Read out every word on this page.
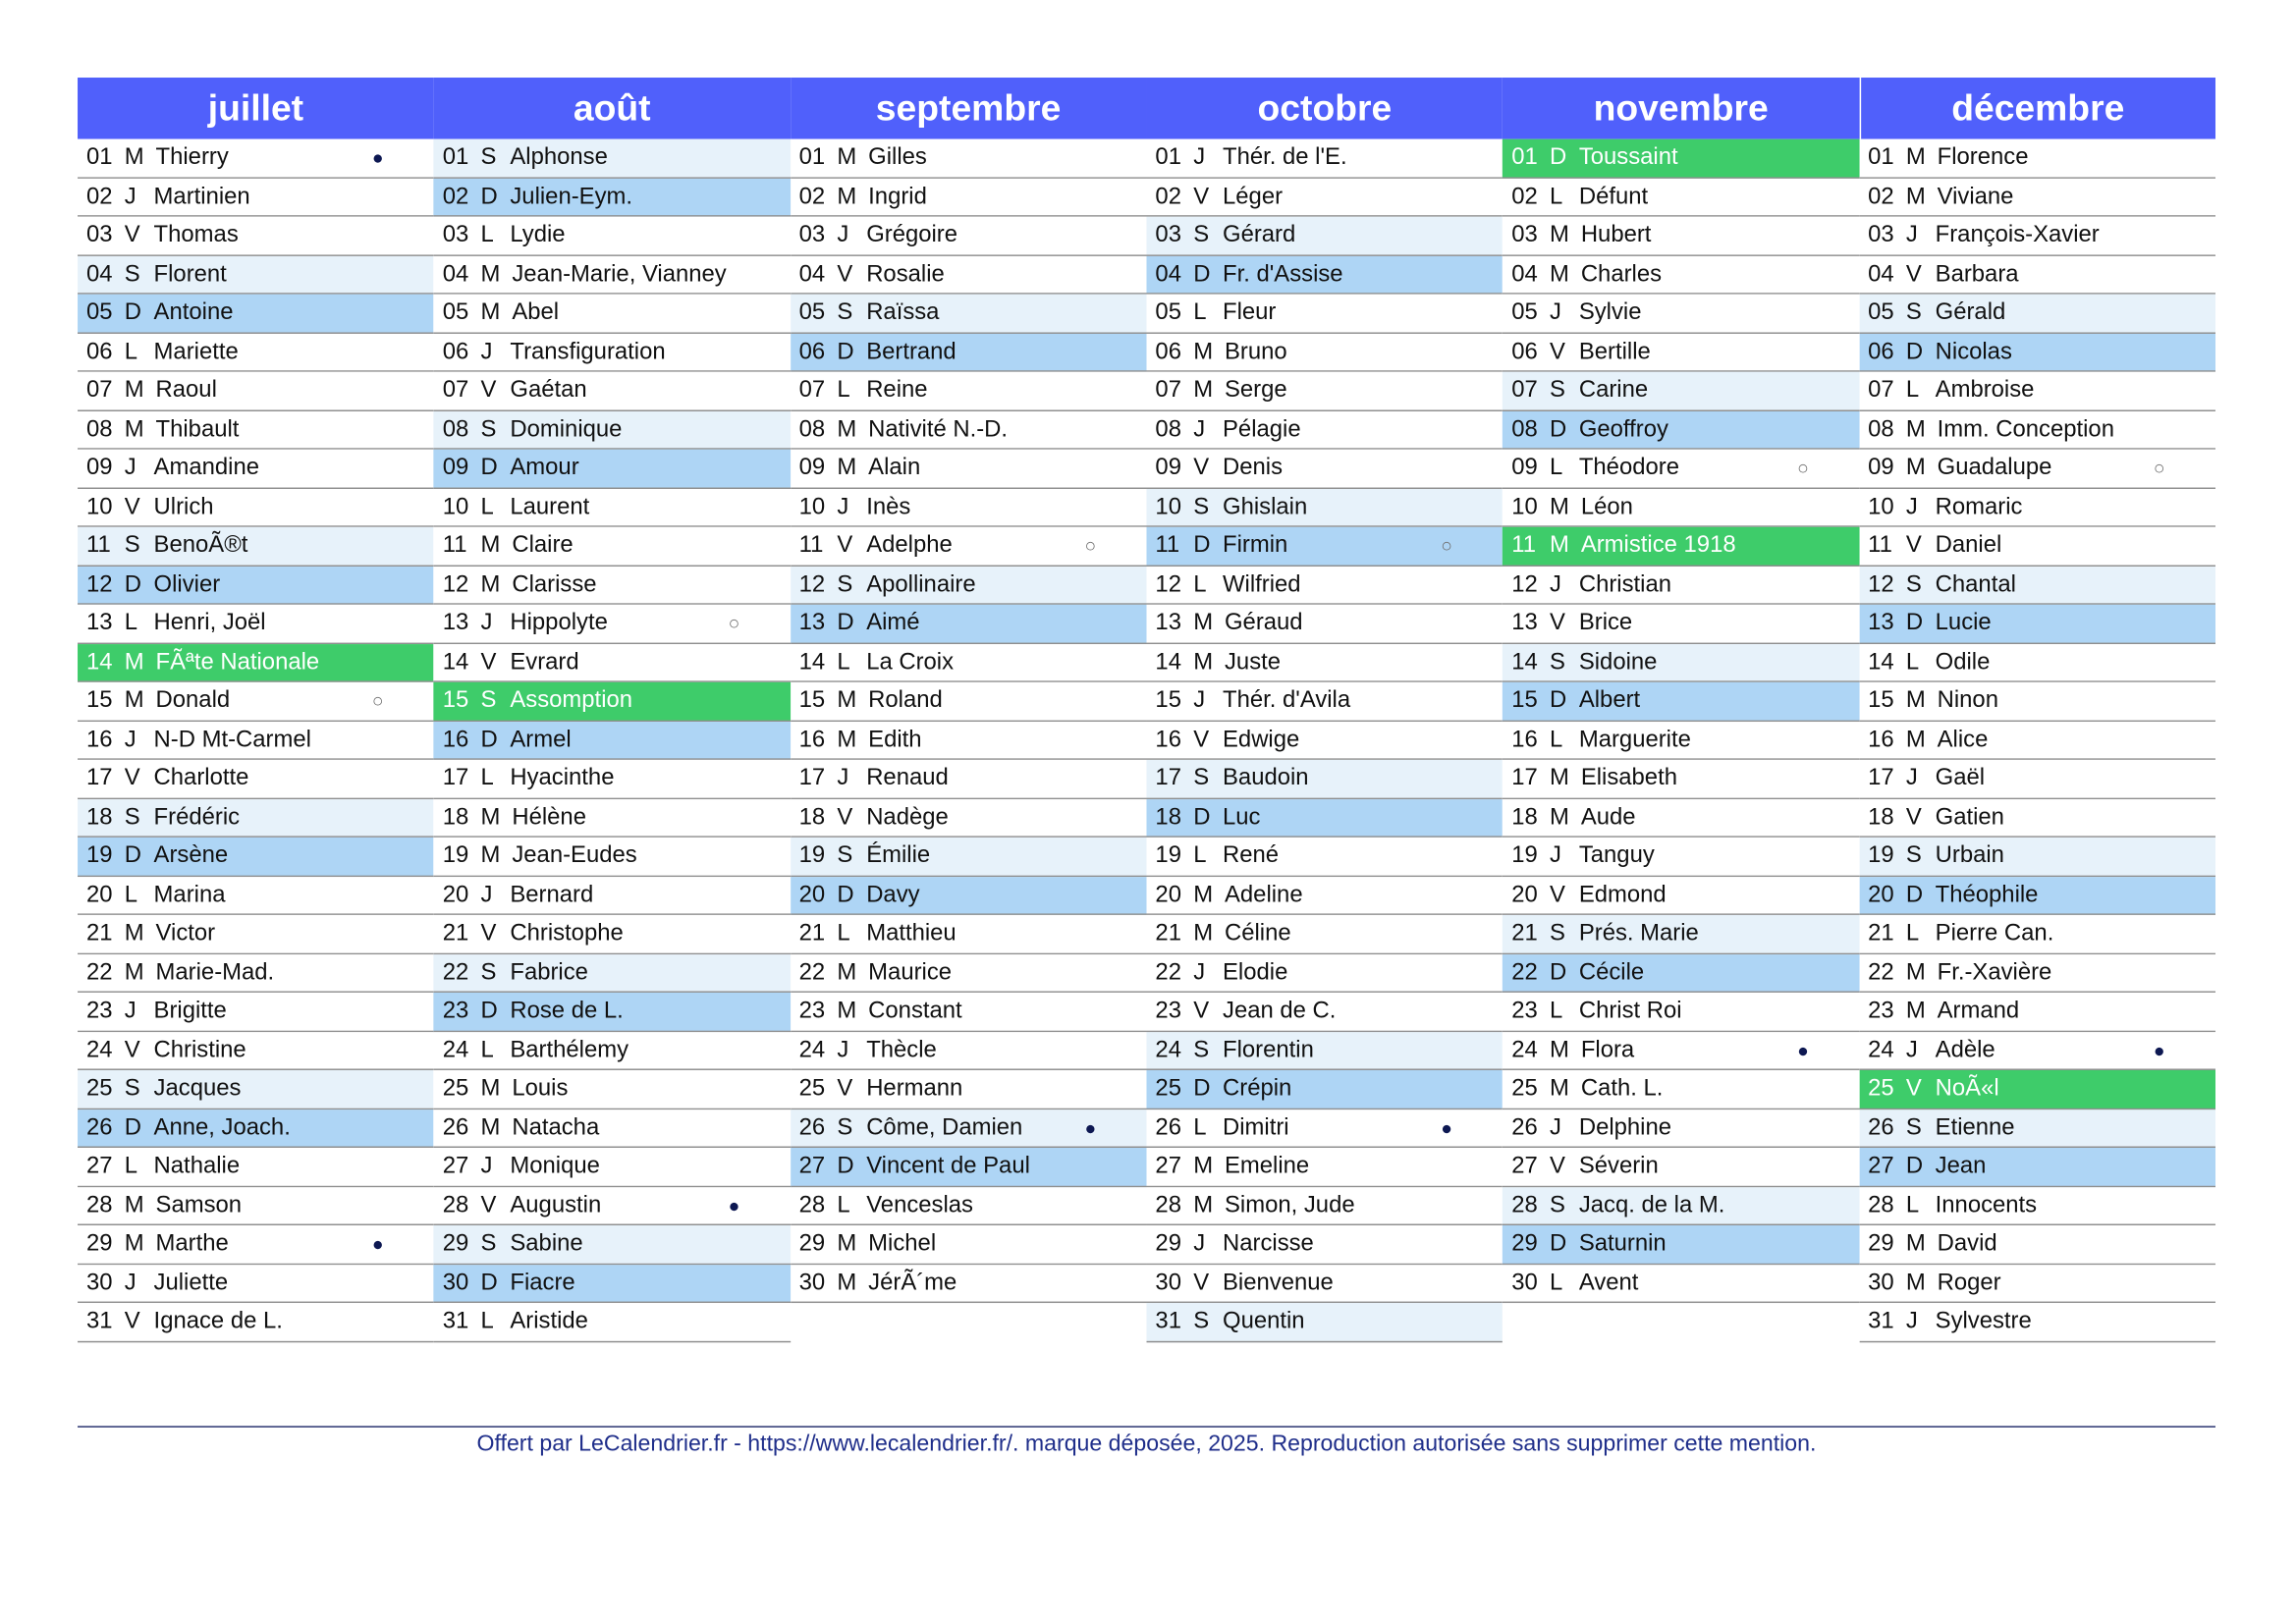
juillet
01 M Thierry	●
02 J Martinien
03 V Thomas
04 S Florent
05 D Antoine
06 L Mariette
07 M Raoul
08 M Thibault
09 J Amandine
10 V Ulrich
11 S BenoÃ®t
12 D Olivier
13 L Henri, Joël
14 M FÃªte Nationale
15 M Donald	○
16 J N-D Mt-Carmel
17 V Charlotte
18 S Frédéric
19 D Arsène
20 L Marina
21 M Victor
22 M Marie-Mad.
23 J Brigitte
24 V Christine
25 S Jacques
26 D Anne, Joach.
27 L Nathalie
28 M Samson
29 M Marthe	●
30 J Juliette
31 V Ignace de L.
août
01 S Alphonse
02 D Julien-Eym.
03 L Lydie
04 M Jean-Marie, Vianney
05 M Abel
06 J Transfiguration
07 V Gaétan
08 S Dominique
09 D Amour
10 L Laurent
11 M Claire
12 M Clarisse
13 J Hippolyte	○
14 V Evrard
15 S Assomption
16 D Armel
17 L Hyacinthe
18 M Hélène
19 M Jean-Eudes
20 J Bernard
21 V Christophe
22 S Fabrice
23 D Rose de L.
24 L Barthélemy
25 M Louis
26 M Natacha
27 J Monique
28 V Augustin	●
29 S Sabine
30 D Fiacre
31 L Aristide
septembre
01 M Gilles
02 M Ingrid
03 J Grégoire
04 V Rosalie
05 S Raïssa
06 D Bertrand
07 L Reine
08 M Nativité N.-D.
09 M Alain
10 J Inès
11 V Adelphe	○
12 S Apollinaire
13 D Aimé
14 L La Croix
15 M Roland
16 M Edith
17 J Renaud
18 V Nadège
19 S Émilie
20 D Davy
21 L Matthieu
22 M Maurice
23 M Constant
24 J Thècle
25 V Hermann
26 S Côme, Damien	●
27 D Vincent de Paul
28 L Venceslas
29 M Michel
30 M JérÃ´me
octobre
01 J Thér. de l'E.
02 V Léger
03 S Gérard
04 D Fr. d'Assise
05 L Fleur
06 M Bruno
07 M Serge
08 J Pélagie
09 V Denis
10 S Ghislain
11 D Firmin	○
12 L Wilfried
13 M Géraud
14 M Juste
15 J Thér. d'Avila
16 V Edwige
17 S Baudoin
18 D Luc
19 L René
20 M Adeline
21 M Céline
22 J Elodie
23 V Jean de C.
24 S Florentin
25 D Crépin
26 L Dimitri	●
27 M Emeline
28 M Simon, Jude
29 J Narcisse
30 V Bienvenue
31 S Quentin
novembre
01 D Toussaint
02 L Défunt
03 M Hubert
04 M Charles
05 J Sylvie
06 V Bertille
07 S Carine
08 D Geoffroy
09 L Théodore	○
10 M Léon
11 M Armistice 1918
12 J Christian
13 V Brice
14 S Sidoine
15 D Albert
16 L Marguerite
17 M Elisabeth
18 M Aude
19 J Tanguy
20 V Edmond
21 S Prés. Marie
22 D Cécile
23 L Christ Roi
24 M Flora	●
25 M Cath. L.
26 J Delphine
27 V Séverin
28 S Jacq. de la M.
29 D Saturnin
30 L Avent
décembre
01 M Florence
02 M Viviane
03 J François-Xavier
04 V Barbara
05 S Gérald
06 D Nicolas
07 L Ambroise
08 M Imm. Conception
09 M Guadalupe	○
10 J Romaric
11 V Daniel
12 S Chantal
13 D Lucie
14 L Odile
15 M Ninon
16 M Alice
17 J Gaël
18 V Gatien
19 S Urbain
20 D Théophile
21 L Pierre Can.
22 M Fr.-Xavière
23 M Armand
24 J Adèle	●
25 V NoÃ«l
26 S Etienne
27 D Jean
28 L Innocents
29 M David
30 M Roger
31 J Sylvestre
Offert par LeCalendrier.fr - https://www.lecalendrier.fr/. marque déposée, 2025. Reproduction autorisée sans supprimer cette mention.
